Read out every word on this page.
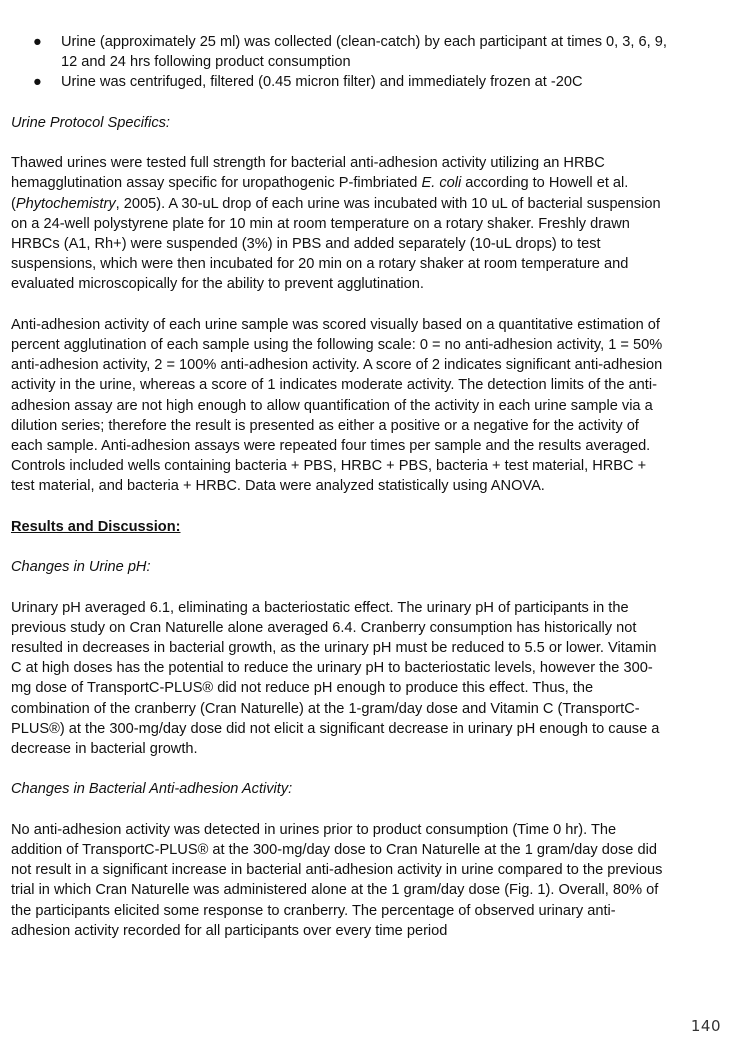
● Urine (approximately 25 ml) was collected (clean-catch) by each participant at times 0, 3, 6, 9, 12 and 24 hrs following product consumption
● Urine was centrifuged, filtered (0.45 micron filter) and immediately frozen at -20C

Urine Protocol Specifics:

Thawed urines were tested full strength for bacterial anti-adhesion activity utilizing an HRBC hemagglutination assay specific for uropathogenic P-fimbriated E. coli according to Howell et al. (Phytochemistry, 2005). A 30-uL drop of each urine was incubated with 10 uL of bacterial suspension on a 24-well polystyrene plate for 10 min at room temperature on a rotary shaker. Freshly drawn HRBCs (A1, Rh+) were suspended (3%) in PBS and added separately (10-uL drops) to test suspensions, which were then incubated for 20 min on a rotary shaker at room temperature and evaluated microscopically for the ability to prevent agglutination.

Anti-adhesion activity of each urine sample was scored visually based on a quantitative estimation of percent agglutination of each sample using the following scale: 0 = no anti-adhesion activity, 1 = 50% anti-adhesion activity, 2 = 100% anti-adhesion activity. A score of 2 indicates significant anti-adhesion activity in the urine, whereas a score of 1 indicates moderate activity. The detection limits of the anti-adhesion assay are not high enough to allow quantification of the activity in each urine sample via a dilution series; therefore the result is presented as either a positive or a negative for the activity of each sample. Anti-adhesion assays were repeated four times per sample and the results averaged. Controls included wells containing bacteria + PBS, HRBC + PBS, bacteria + test material, HRBC + test material, and bacteria + HRBC. Data were analyzed statistically using ANOVA.

Results and Discussion:

Changes in Urine pH:

Urinary pH averaged 6.1, eliminating a bacteriostatic effect. The urinary pH of participants in the previous study on Cran Naturelle alone averaged 6.4. Cranberry consumption has historically not resulted in decreases in bacterial growth, as the urinary pH must be reduced to 5.5 or lower. Vitamin C at high doses has the potential to reduce the urinary pH to bacteriostatic levels, however the 300-mg dose of TransportC-PLUS® did not reduce pH enough to produce this effect. Thus, the combination of the cranberry (Cran Naturelle) at the 1-gram/day dose and Vitamin C (TransportC-PLUS®) at the 300-mg/day dose did not elicit a significant decrease in urinary pH enough to cause a decrease in bacterial growth.

Changes in Bacterial Anti-adhesion Activity:

No anti-adhesion activity was detected in urines prior to product consumption (Time 0 hr). The addition of TransportC-PLUS® at the 300-mg/day dose to Cran Naturelle at the 1 gram/day dose did not result in a significant increase in bacterial anti-adhesion activity in urine compared to the previous trial in which Cran Naturelle was administered alone at the 1 gram/day dose (Fig. 1). Overall, 80% of the participants elicited some response to cranberry. The percentage of observed urinary anti-adhesion activity recorded for all participants over every time period

140
